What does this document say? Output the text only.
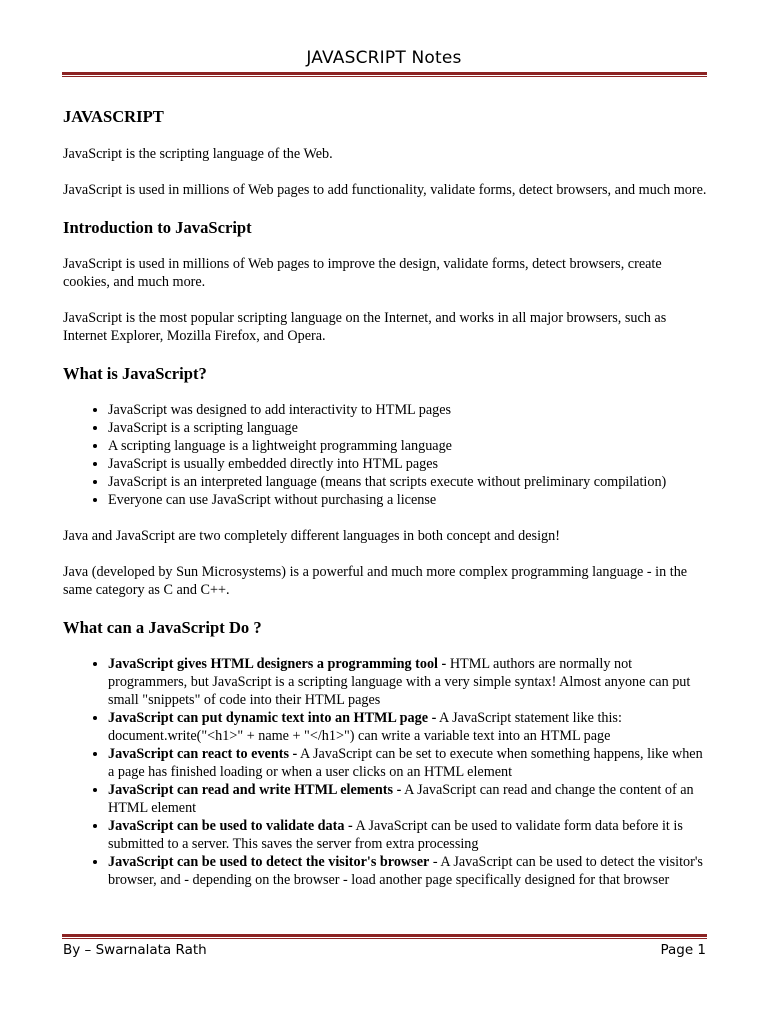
JAVASCRIPT Notes
JAVASCRIPT

JavaScript is the scripting language of the Web.

JavaScript is used in millions of Web pages to add functionality, validate forms, detect browsers, and much more.

Introduction to JavaScript

JavaScript is used in millions of Web pages to improve the design, validate forms, detect browsers, create cookies, and much more.

JavaScript is the most popular scripting language on the Internet, and works in all major browsers, such as Internet Explorer, Mozilla Firefox, and Opera.

What is JavaScript?
• JavaScript was designed to add interactivity to HTML pages
• JavaScript is a scripting language
• A scripting language is a lightweight programming language
• JavaScript is usually embedded directly into HTML pages
• JavaScript is an interpreted language (means that scripts execute without preliminary compilation)
• Everyone can use JavaScript without purchasing a license

Java and JavaScript are two completely different languages in both concept and design!

Java (developed by Sun Microsystems) is a powerful and much more complex programming language - in the same category as C and C++.

What can a JavaScript Do ?
• JavaScript gives HTML designers a programming tool - HTML authors are normally not programmers, but JavaScript is a scripting language with a very simple syntax! Almost anyone can put small "snippets" of code into their HTML pages
• JavaScript can put dynamic text into an HTML page - A JavaScript statement like this: document.write("<h1>" + name + "</h1>") can write a variable text into an HTML page
• JavaScript can react to events - A JavaScript can be set to execute when something happens, like when a page has finished loading or when a user clicks on an HTML element
• JavaScript can read and write HTML elements - A JavaScript can read and change the content of an HTML element
• JavaScript can be used to validate data - A JavaScript can be used to validate form data before it is submitted to a server. This saves the server from extra processing
• JavaScript can be used to detect the visitor's browser - A JavaScript can be used to detect the visitor's browser, and - depending on the browser - load another page specifically designed for that browser
By – Swarnalata Rath	Page 1
